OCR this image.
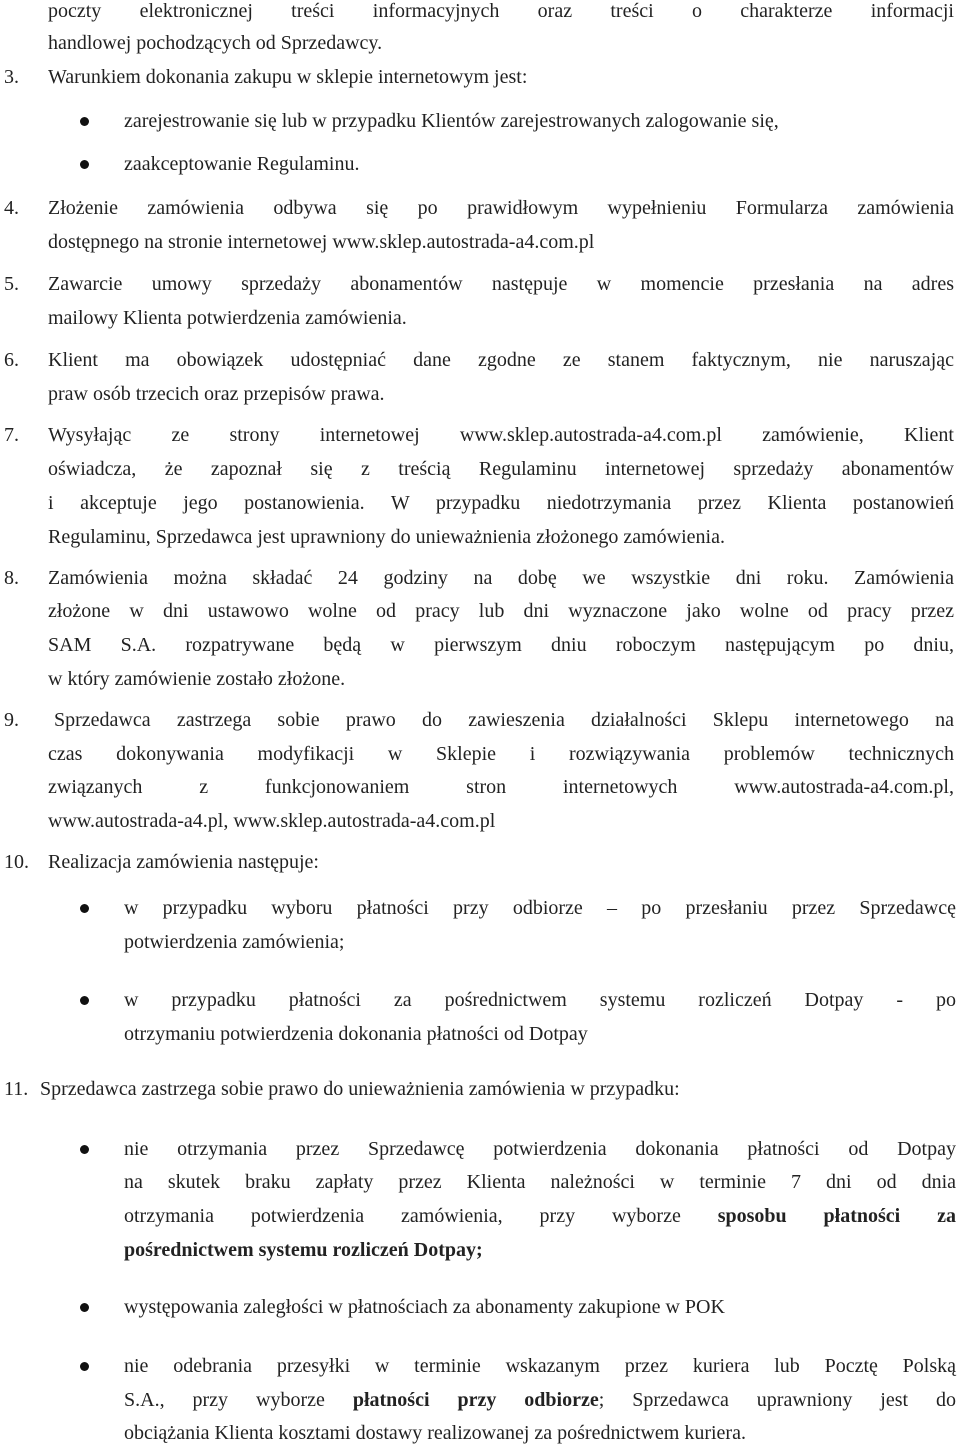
poczty elektronicznej treści informacyjnych oraz treści o charakterze informacji
handlowej pochodzących od Sprzedawcy.
3. Warunkiem dokonania zakupu w sklepie internetowym jest:
zarejestrowanie się lub w przypadku Klientów zarejestrowanych zalogowanie się,
zaakceptowanie Regulaminu.
4. Złożenie zamówienia odbywa się po prawidłowym wypełnieniu Formularza zamówienia
dostępnego na stronie internetowej www.sklep.autostrada-a4.com.pl
5. Zawarcie umowy sprzedaży abonamentów następuje w momencie przesłania na adres
mailowy Klienta potwierdzenia zamówienia.
6. Klient ma obowiązek udostępniać dane zgodne ze stanem faktycznym, nie naruszając
praw osób trzecich oraz przepisów prawa.
7. Wysyłając ze strony internetowej www.sklep.autostrada-a4.com.pl zamówienie, Klient
oświadcza, że zapoznał się z treścią Regulaminu internetowej sprzedaży abonamentów
i akceptuje jego postanowienia. W przypadku niedotrzymania przez Klienta postanowień
Regulaminu, Sprzedawca jest uprawniony do unieważnienia złożonego zamówienia.
8. Zamówienia można składać 24 godziny na dobę we wszystkie dni roku. Zamówienia
złożone w dni ustawowo wolne od pracy lub dni wyznaczone jako wolne od pracy przez
SAM S.A. rozpatrywane będą w pierwszym dniu roboczym następującym po dniu,
w który zamówienie zostało złożone.
9. Sprzedawca zastrzega sobie prawo do zawieszenia działalności Sklepu internetowego na
czas dokonywania modyfikacji w Sklepie i rozwiązywania problemów technicznych
związanych z funkcjonowaniem stron internetowych www.autostrada-a4.com.pl,
www.autostrada-a4.pl, www.sklep.autostrada-a4.com.pl
10. Realizacja zamówienia następuje:
w przypadku wyboru płatności przy odbiorze – po przesłaniu przez Sprzedawcę
potwierdzenia zamówienia;
w przypadku płatności za pośrednictwem systemu rozliczeń Dotpay - po
otrzymaniu potwierdzenia dokonania płatności od Dotpay
11. Sprzedawca zastrzega sobie prawo do unieważnienia zamówienia w przypadku:
nie otrzymania przez Sprzedawcę potwierdzenia dokonania płatności od Dotpay
na skutek braku zapłaty przez Klienta należności w terminie 7 dni od dnia
otrzymania potwierdzenia zamówienia, przy wyborze sposobu płatności za
pośrednictwem systemu rozliczeń Dotpay;
występowania zaległości w płatnościach za abonamenty zakupione w POK
nie odebrania przesyłki w terminie wskazanym przez kuriera lub Pocztę Polską
S.A., przy wyborze płatności przy odbiorze; Sprzedawca uprawniony jest do
obciążania Klienta kosztami dostawy realizowanej za pośrednictwem kuriera.
